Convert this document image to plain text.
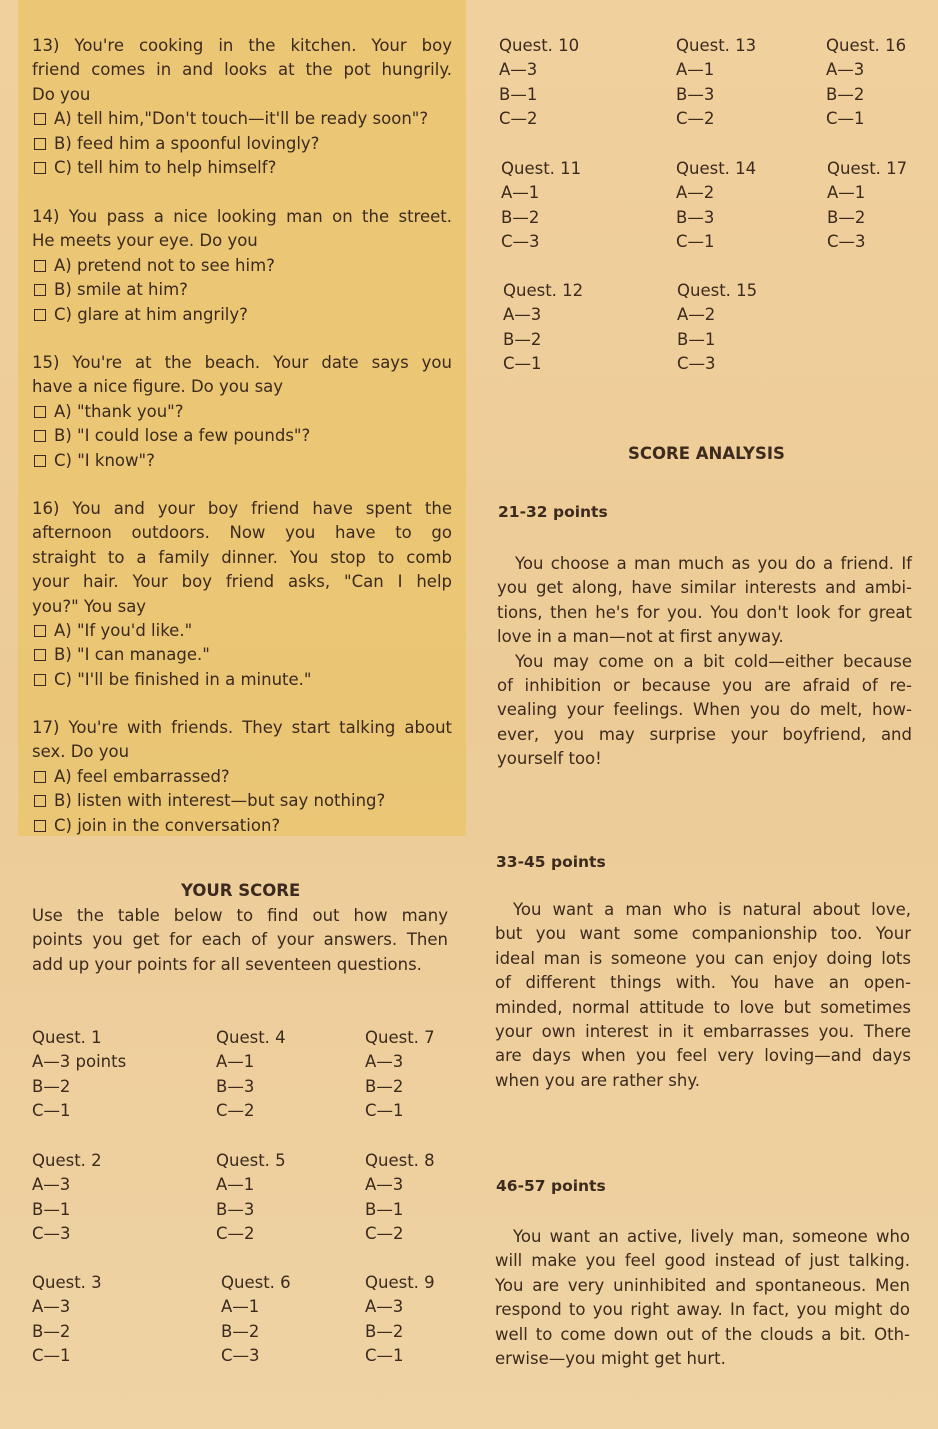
13) You're cooking in the kitchen. Your boy
friend comes in and looks at the pot hungrily.
Do you
A) tell him,"Don't touch—it'll be ready soon"?
B) feed him a spoonful lovingly?
C) tell him to help himself?
14) You pass a nice looking man on the street.
He meets your eye. Do you
A) pretend not to see him?
B) smile at him?
C) glare at him angrily?
15) You're at the beach. Your date says you
have a nice figure. Do you say
A) "thank you"?
B) "I could lose a few pounds"?
C) "I know"?
16) You and your boy friend have spent the
afternoon outdoors. Now you have to go
straight to a family dinner. You stop to comb
your hair. Your boy friend asks, "Can I help
you?" You say
A) "If you'd like."
B) "I can manage."
C) "I'll be finished in a minute."
17) You're with friends. They start talking about
sex. Do you
A) feel embarrassed?
B) listen with interest—but say nothing?
C) join in the conversation?
YOUR SCORE
Use the table below to find out how many
points you get for each of your answers. Then
add up your points for all seventeen questions.
Quest. 1
A—3 points
B—2
C—1
Quest. 4
A—1
B—3
C—2
Quest. 7
A—3
B—2
C—1
Quest. 2
A—3
B—1
C—3
Quest. 5
A—1
B—3
C—2
Quest. 8
A—3
B—1
C—2
Quest. 3
A—3
B—2
C—1
Quest. 6
A—1
B—2
C—3
Quest. 9
A—3
B—2
C—1
Quest. 10
A—3
B—1
C—2
Quest. 13
A—1
B—3
C—2
Quest. 16
A—3
B—2
C—1
Quest. 11
A—1
B—2
C—3
Quest. 14
A—2
B—3
C—1
Quest. 17
A—1
B—2
C—3
Quest. 12
A—3
B—2
C—1
Quest. 15
A—2
B—1
C—3
SCORE ANALYSIS
21-32 points
You choose a man much as you do a friend. If
you get along, have similar interests and ambi-
tions, then he's for you. You don't look for great
love in a man—not at first anyway.
You may come on a bit cold—either because
of inhibition or because you are afraid of re-
vealing your feelings. When you do melt, how-
ever, you may surprise your boyfriend, and
yourself too!
33-45 points
You want a man who is natural about love,
but you want some companionship too. Your
ideal man is someone you can enjoy doing lots
of different things with. You have an open-
minded, normal attitude to love but sometimes
your own interest in it embarrasses you. There
are days when you feel very loving—and days
when you are rather shy.
46-57 points
You want an active, lively man, someone who
will make you feel good instead of just talking.
You are very uninhibited and spontaneous. Men
respond to you right away. In fact, you might do
well to come down out of the clouds a bit. Oth-
erwise—you might get hurt.
